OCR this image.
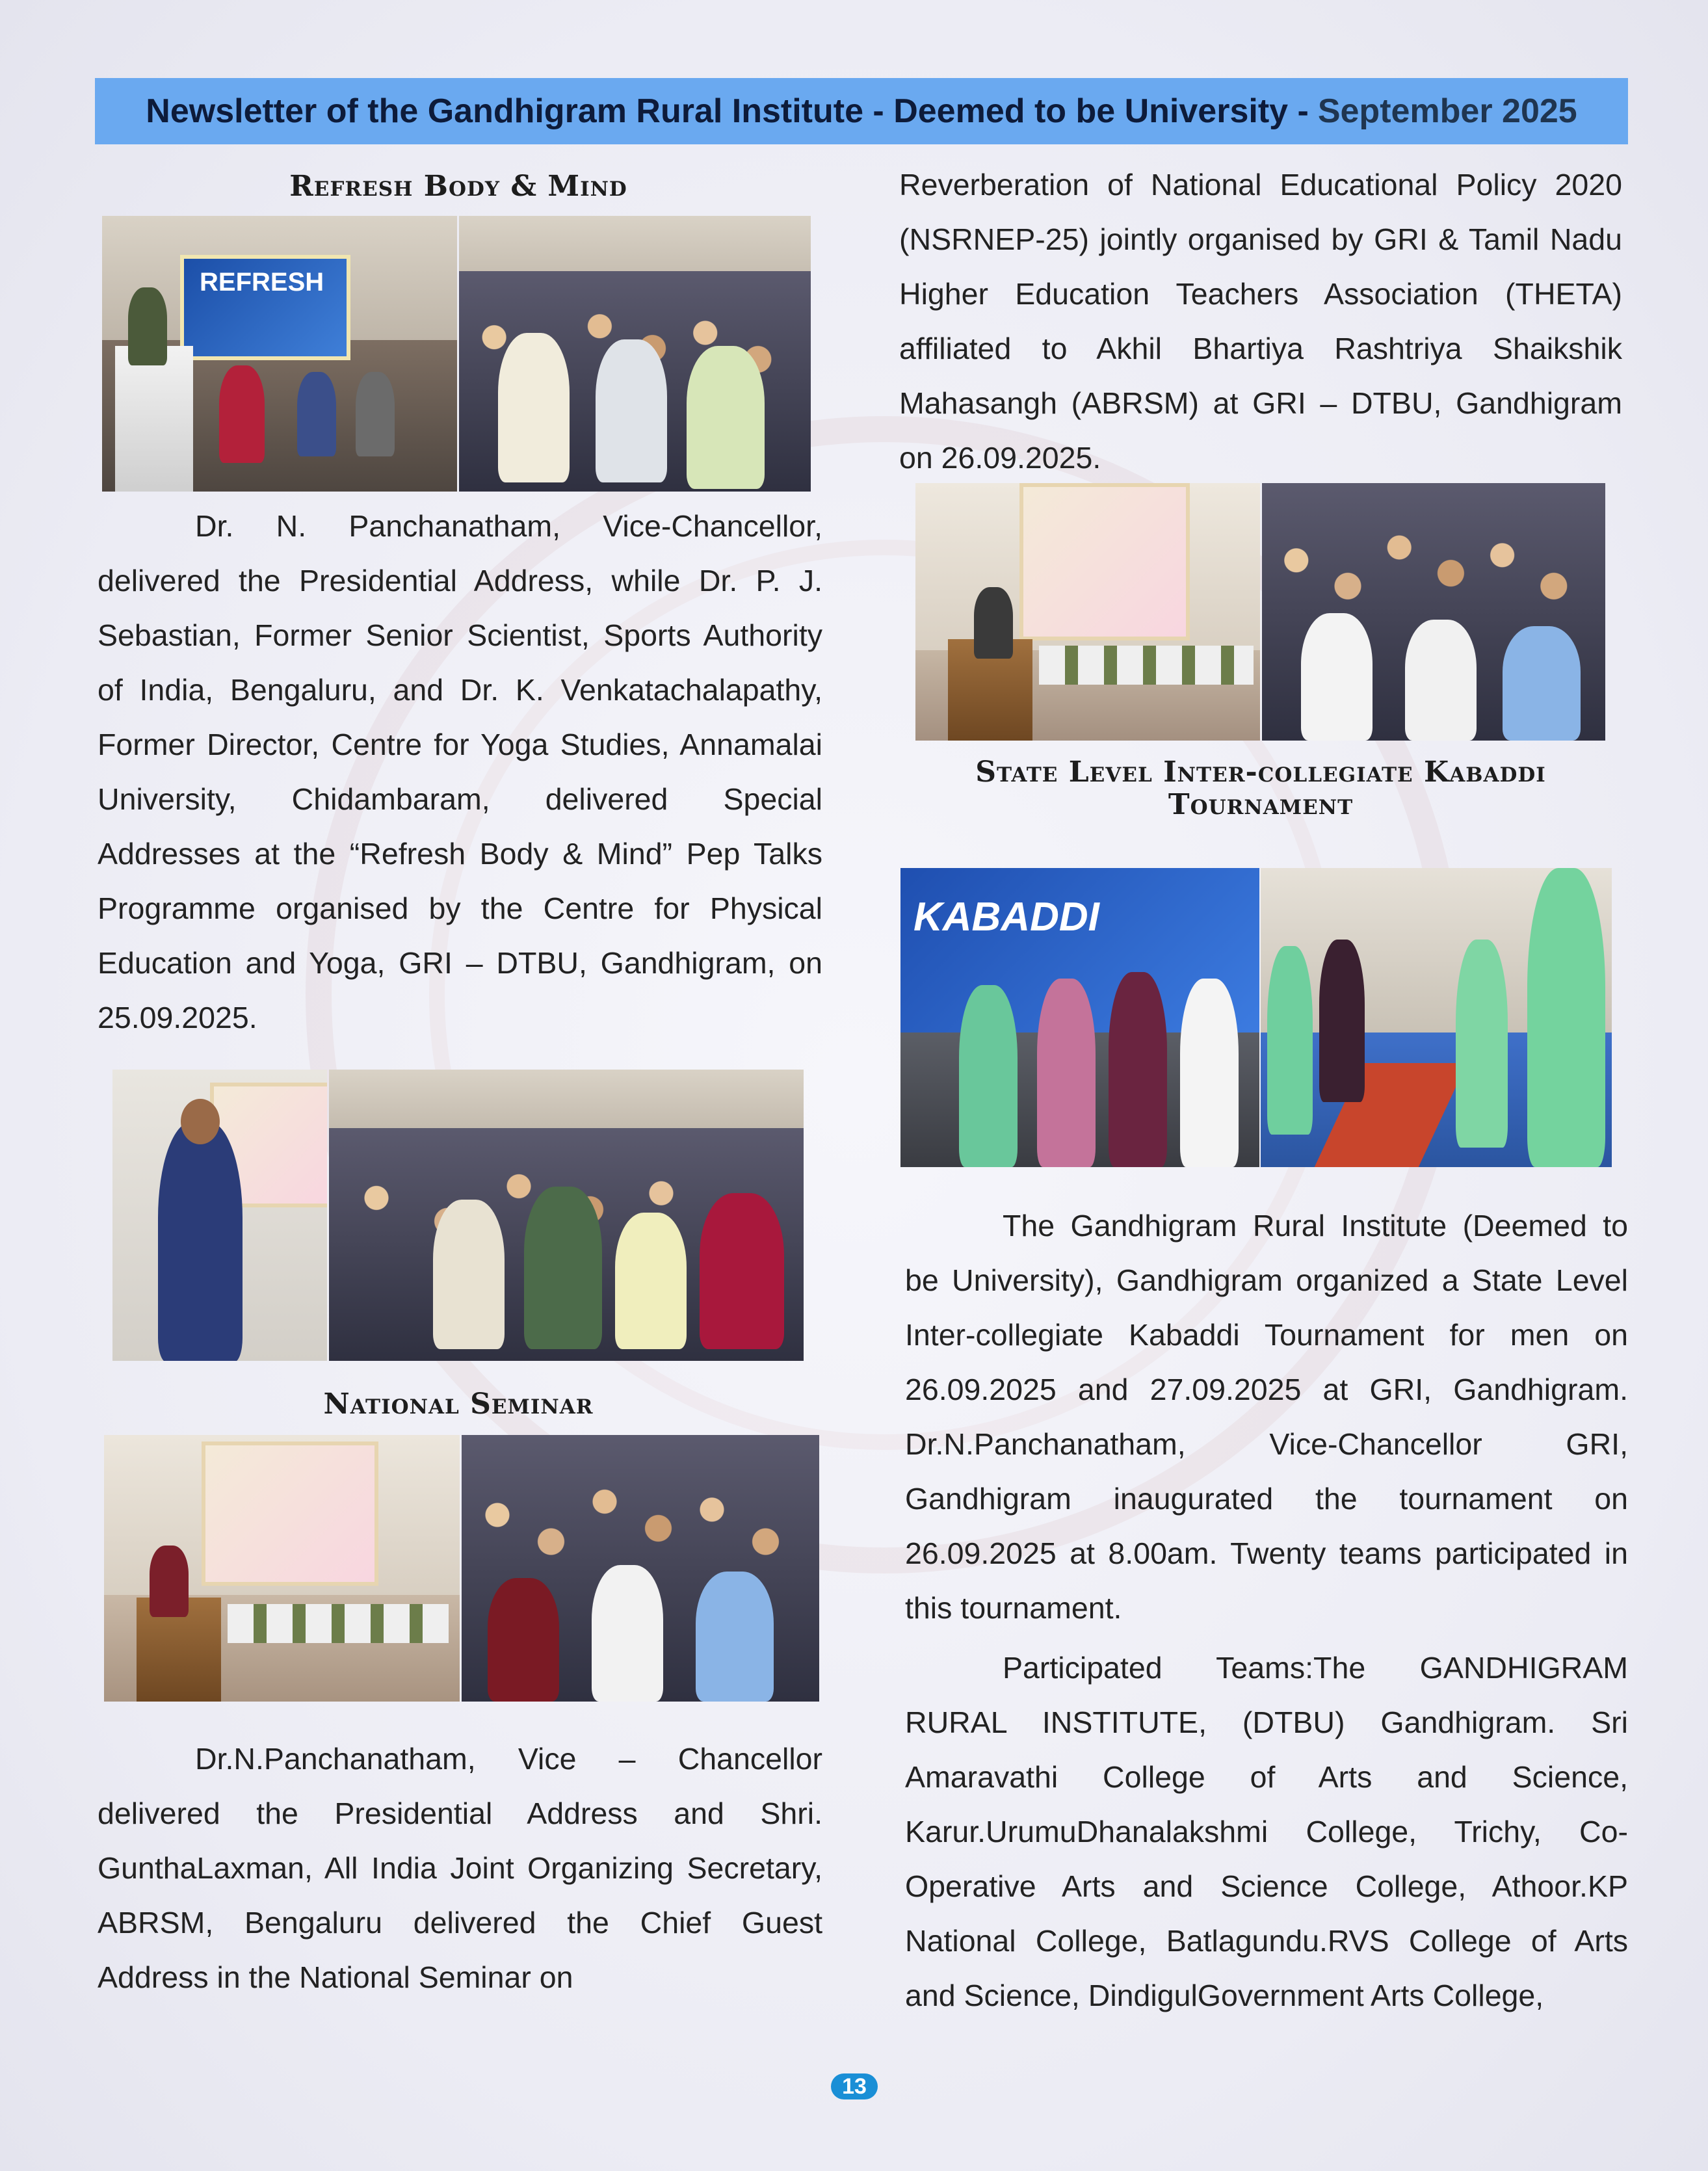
Newsletter of the Gandhigram Rural Institute - Deemed to be University - September 2025
Refresh Body & Mind
REFRESH
Dr. N. Panchanatham, Vice-Chancellor, delivered the Presidential Address, while Dr. P. J. Sebastian, Former Senior Scientist, Sports Authority of India, Bengaluru, and Dr. K. Venkatachalapathy, Former Director, Centre for Yoga Studies, Annamalai University, Chidambaram, delivered Special Addresses at the “Refresh Body & Mind” Pep Talks Programme organised by the Centre for Physical Education and Yoga, GRI – DTBU, Gandhigram, on 25.09.2025.
National Seminar
Dr.N.Panchanatham, Vice – Chancellor delivered the Presidential Address and Shri. GunthaLaxman, All India Joint Organizing Secretary, ABRSM, Bengaluru delivered the Chief Guest Address in the National Seminar on
Reverberation of National Educational Policy 2020 (NSRNEP-25) jointly organised by GRI & Tamil Nadu Higher Education Teachers Association (THETA) affiliated to Akhil Bhartiya Rashtriya Shaikshik Mahasangh (ABRSM) at GRI – DTBU, Gandhigram on 26.09.2025.
State Level Inter-collegiate Kabaddi
Tournament
KABADDI
The Gandhigram Rural Institute (Deemed to be University), Gandhigram organized a State Level Inter-collegiate Kabaddi Tournament for men on 26.09.2025 and 27.09.2025 at GRI, Gandhigram. Dr.N.Panchanatham, Vice-Chancellor GRI, Gandhigram inaugurated the tournament on 26.09.2025 at 8.00am. Twenty teams participated in this tournament.
Participated Teams:The GANDHIGRAM RURAL INSTITUTE, (DTBU) Gandhigram. Sri Amaravathi College of Arts and Science, Karur.UrumuDhanalakshmi College, Trichy, Co-Operative Arts and Science College, Athoor.KP National College, Batlagundu.RVS College of Arts and Science, DindigulGovernment Arts College,
13
